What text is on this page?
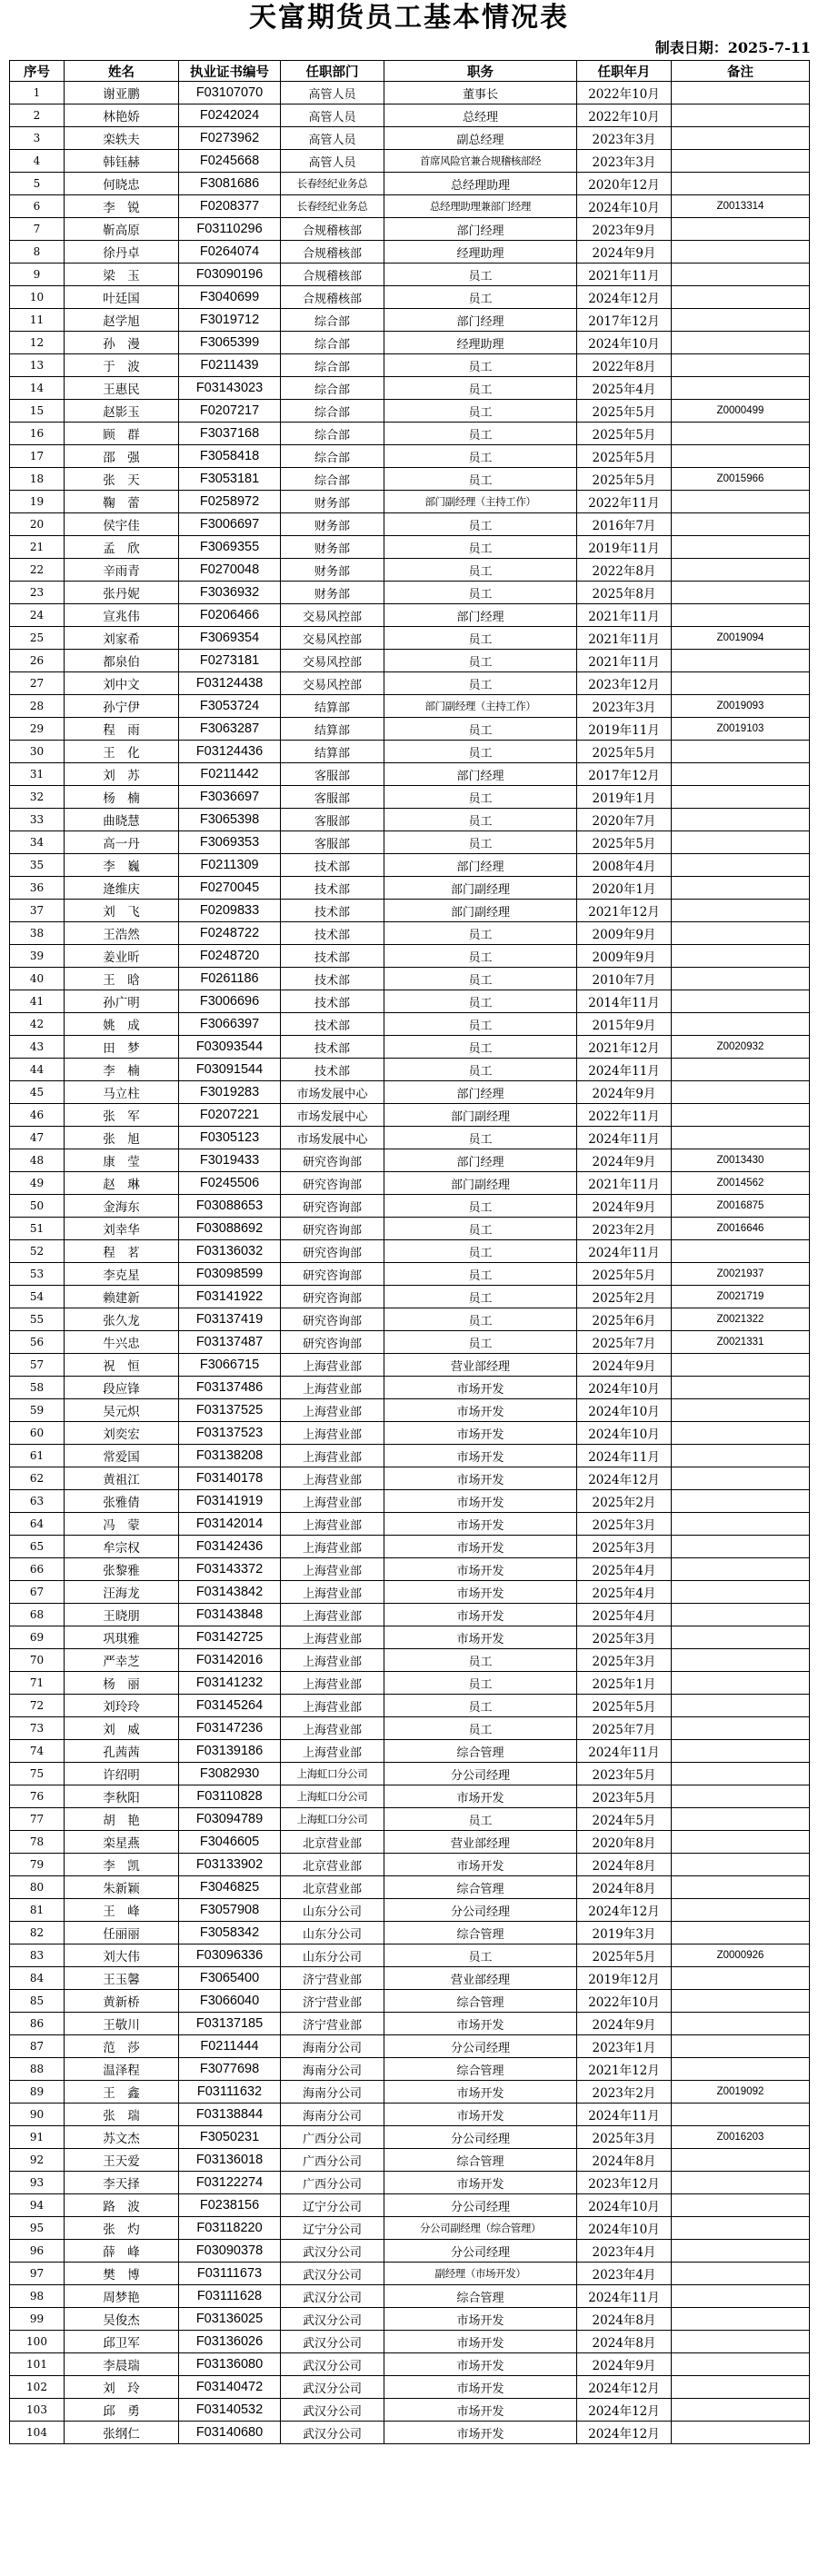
天富期货员工基本情况表
制表日期：2025-7-11
序号	姓名	执业证书编号	任职部门	职务	任职年月	备注
1	谢亚鹏	F03107070	高管人员	董事长	2022年10月	
2	林艳娇	F0242024	高管人员	总经理	2022年10月	
3	栾轶夫	F0273962	高管人员	副总经理	2023年3月	
4	韩钰赫	F0245668	高管人员	首席风险官兼合规稽核部经	2023年3月	
5	何晓忠	F3081686	长春经纪业务总	总经理助理	2020年12月	
6	李　锐	F0208377	长春经纪业务总	总经理助理兼部门经理	2024年10月	Z0013314
7	靳高原	F03110296	合规稽核部	部门经理	2023年9月	
8	徐丹卓	F0264074	合规稽核部	经理助理	2024年9月	
9	梁　玉	F03090196	合规稽核部	员工	2021年11月	
10	叶廷国	F3040699	合规稽核部	员工	2024年12月	
11	赵学旭	F3019712	综合部	部门经理	2017年12月	
12	孙　漫	F3065399	综合部	经理助理	2024年10月	
13	于　波	F0211439	综合部	员工	2022年8月	
14	王惠民	F03143023	综合部	员工	2025年4月	
15	赵影玉	F0207217	综合部	员工	2025年5月	Z0000499
16	顾　群	F3037168	综合部	员工	2025年5月	
17	邵　强	F3058418	综合部	员工	2025年5月	
18	张　天	F3053181	综合部	员工	2025年5月	Z0015966
19	鞠　蕾	F0258972	财务部	部门副经理（主持工作）	2022年11月	
20	侯宇佳	F3006697	财务部	员工	2016年7月	
21	孟　欣	F3069355	财务部	员工	2019年11月	
22	辛雨青	F0270048	财务部	员工	2022年8月	
23	张丹妮	F3036932	财务部	员工	2025年8月	
24	宣兆伟	F0206466	交易风控部	部门经理	2021年11月	
25	刘家希	F3069354	交易风控部	员工	2021年11月	Z0019094
26	都泉伯	F0273181	交易风控部	员工	2021年11月	
27	刘中文	F03124438	交易风控部	员工	2023年12月	
28	孙宁伊	F3053724	结算部	部门副经理（主持工作）	2023年3月	Z0019093
29	程　雨	F3063287	结算部	员工	2019年11月	Z0019103
30	王　化	F03124436	结算部	员工	2025年5月	
31	刘　苏	F0211442	客服部	部门经理	2017年12月	
32	杨　楠	F3036697	客服部	员工	2019年1月	
33	曲晓慧	F3065398	客服部	员工	2020年7月	
34	高一丹	F3069353	客服部	员工	2025年5月	
35	李　巍	F0211309	技术部	部门经理	2008年4月	
36	逄维庆	F0270045	技术部	部门副经理	2020年1月	
37	刘　飞	F0209833	技术部	部门副经理	2021年12月	
38	王浩然	F0248722	技术部	员工	2009年9月	
39	姜业昕	F0248720	技术部	员工	2009年9月	
40	王　晗	F0261186	技术部	员工	2010年7月	
41	孙广明	F3006696	技术部	员工	2014年11月	
42	姚　成	F3066397	技术部	员工	2015年9月	
43	田　梦	F03093544	技术部	员工	2021年12月	Z0020932
44	李　楠	F03091544	技术部	员工	2024年11月	
45	马立柱	F3019283	市场发展中心	部门经理	2024年9月	
46	张　军	F0207221	市场发展中心	部门副经理	2022年11月	
47	张　旭	F0305123	市场发展中心	员工	2024年11月	
48	康　莹	F3019433	研究咨询部	部门经理	2024年9月	Z0013430
49	赵　琳	F0245506	研究咨询部	部门副经理	2021年11月	Z0014562
50	金海东	F03088653	研究咨询部	员工	2024年9月	Z0016875
51	刘幸华	F03088692	研究咨询部	员工	2023年2月	Z0016646
52	程　茗	F03136032	研究咨询部	员工	2024年11月	
53	李克星	F03098599	研究咨询部	员工	2025年5月	Z0021937
54	赖建新	F03141922	研究咨询部	员工	2025年2月	Z0021719
55	张久龙	F03137419	研究咨询部	员工	2025年6月	Z0021322
56	牛兴忠	F03137487	研究咨询部	员工	2025年7月	Z0021331
57	祝　恒	F3066715	上海营业部	营业部经理	2024年9月	
58	段应锋	F03137486	上海营业部	市场开发	2024年10月	
59	吴元炽	F03137525	上海营业部	市场开发	2024年10月	
60	刘奕宏	F03137523	上海营业部	市场开发	2024年10月	
61	常爱国	F03138208	上海营业部	市场开发	2024年11月	
62	黄祖江	F03140178	上海营业部	市场开发	2024年12月	
63	张雅倩	F03141919	上海营业部	市场开发	2025年2月	
64	冯　蒙	F03142014	上海营业部	市场开发	2025年3月	
65	牟宗权	F03142436	上海营业部	市场开发	2025年3月	
66	张黎雅	F03143372	上海营业部	市场开发	2025年4月	
67	汪海龙	F03143842	上海营业部	市场开发	2025年4月	
68	王晓朋	F03143848	上海营业部	市场开发	2025年4月	
69	巩琪雅	F03142725	上海营业部	市场开发	2025年3月	
70	严幸芝	F03142016	上海营业部	员工	2025年3月	
71	杨　丽	F03141232	上海营业部	员工	2025年1月	
72	刘玲玲	F03145264	上海营业部	员工	2025年5月	
73	刘　威	F03147236	上海营业部	员工	2025年7月	
74	孔茜茜	F03139186	上海营业部	综合管理	2024年11月	
75	许绍明	F3082930	上海虹口分公司	分公司经理	2023年5月	
76	李秋阳	F03110828	上海虹口分公司	市场开发	2023年5月	
77	胡　艳	F03094789	上海虹口分公司	员工	2024年5月	
78	栾星燕	F3046605	北京营业部	营业部经理	2020年8月	
79	李　凯	F03133902	北京营业部	市场开发	2024年8月	
80	朱新颖	F3046825	北京营业部	综合管理	2024年8月	
81	王　峰	F3057908	山东分公司	分公司经理	2024年12月	
82	任丽丽	F3058342	山东分公司	综合管理	2019年3月	
83	刘大伟	F03096336	山东分公司	员工	2025年5月	Z0000926
84	王玉馨	F3065400	济宁营业部	营业部经理	2019年12月	
85	黄新桥	F3066040	济宁营业部	综合管理	2022年10月	
86	王敬川	F03137185	济宁营业部	市场开发	2024年9月	
87	范　莎	F0211444	海南分公司	分公司经理	2023年1月	
88	温泽程	F3077698	海南分公司	综合管理	2021年12月	
89	王　鑫	F03111632	海南分公司	市场开发	2023年2月	Z0019092
90	张　瑞	F03138844	海南分公司	市场开发	2024年11月	
91	苏文杰	F3050231	广西分公司	分公司经理	2025年3月	Z0016203
92	王天爱	F03136018	广西分公司	综合管理	2024年8月	
93	李天择	F03122274	广西分公司	市场开发	2023年12月	
94	路　波	F0238156	辽宁分公司	分公司经理	2024年10月	
95	张　灼	F03118220	辽宁分公司	分公司副经理（综合管理）	2024年10月	
96	薛　峰	F03090378	武汉分公司	分公司经理	2023年4月	
97	樊　博	F03111673	武汉分公司	副经理（市场开发）	2023年4月	
98	周梦艳	F03111628	武汉分公司	综合管理	2024年11月	
99	吴俊杰	F03136025	武汉分公司	市场开发	2024年8月	
100	邱卫军	F03136026	武汉分公司	市场开发	2024年8月	
101	李晨瑞	F03136080	武汉分公司	市场开发	2024年9月	
102	刘　玲	F03140472	武汉分公司	市场开发	2024年12月	
103	邱　勇	F03140532	武汉分公司	市场开发	2024年12月	
104	张纲仁	F03140680	武汉分公司	市场开发	2024年12月	
